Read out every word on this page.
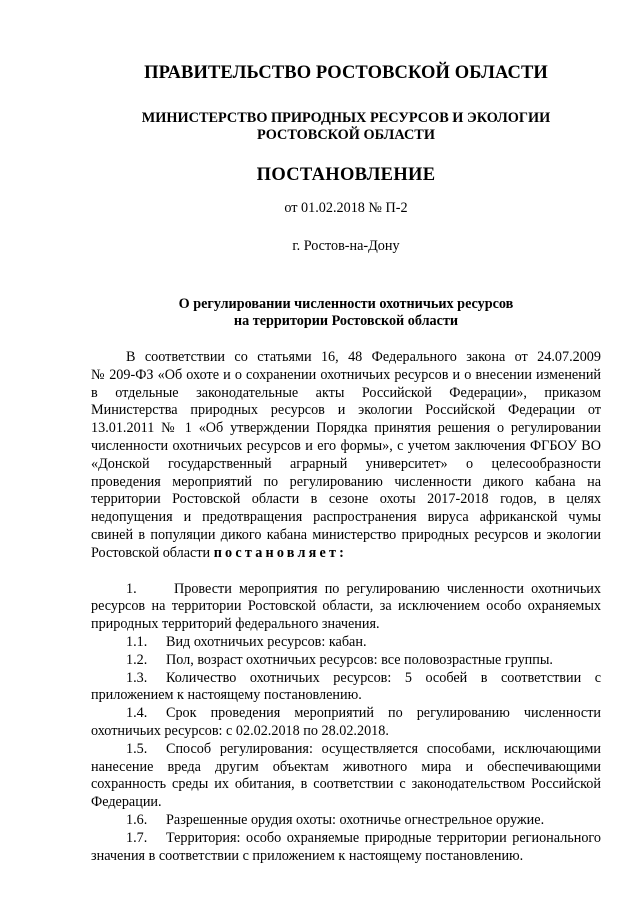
ПРАВИТЕЛЬСТВО РОСТОВСКОЙ ОБЛАСТИ

МИНИСТЕРСТВО ПРИРОДНЫХ РЕСУРСОВ И ЭКОЛОГИИ
РОСТОВСКОЙ ОБЛАСТИ

ПОСТАНОВЛЕНИЕ

от 01.02.2018 № П-2

г. Ростов-на-Дону

О регулировании численности охотничьих ресурсов
на территории Ростовской области

В соответствии со статьями 16, 48 Федерального закона от 24.07.2009
№ 209-ФЗ «Об охоте и о сохранении охотничьих ресурсов и о внесении изменений
в отдельные законодательные акты Российской Федерации», приказом
Министерства природных ресурсов и экологии Российской Федерации от
13.01.2011 № 1 «Об утверждении Порядка принятия решения о регулировании
численности охотничьих ресурсов и его формы», с учетом заключения ФГБОУ ВО
«Донской государственный аграрный университет» о целесообразности
проведения мероприятий по регулированию численности дикого кабана на
территории Ростовской области в сезоне охоты 2017-2018 годов, в целях
недопущения и предотвращения распространения вируса африканской чумы
свиней в популяции дикого кабана министерство природных ресурсов и экологии
Ростовской области постановляет:
1.	Провести мероприятия по регулированию численности охотничьих
ресурсов на территории Ростовской области, за исключением особо охраняемых
природных территорий федерального значения.
1.1. Вид охотничьих ресурсов: кабан.
1.2. Пол, возраст охотничьих ресурсов: все половозрастные группы.
1.3. Количество охотничьих ресурсов: 5 особей в соответствии с
приложением к настоящему постановлению.
1.4. Срок проведения мероприятий по регулированию численности
охотничьих ресурсов: с 02.02.2018 по 28.02.2018.
1.5. Способ регулирования: осуществляется способами, исключающими
нанесение вреда другим объектам животного мира и обеспечивающими
сохранность среды их обитания, в соответствии с законодательством Российской
Федерации.
1.6. Разрешенные орудия охоты: охотничье огнестрельное оружие.
1.7. Территория: особо охраняемые природные территории регионального
значения в соответствии с приложением к настоящему постановлению.
